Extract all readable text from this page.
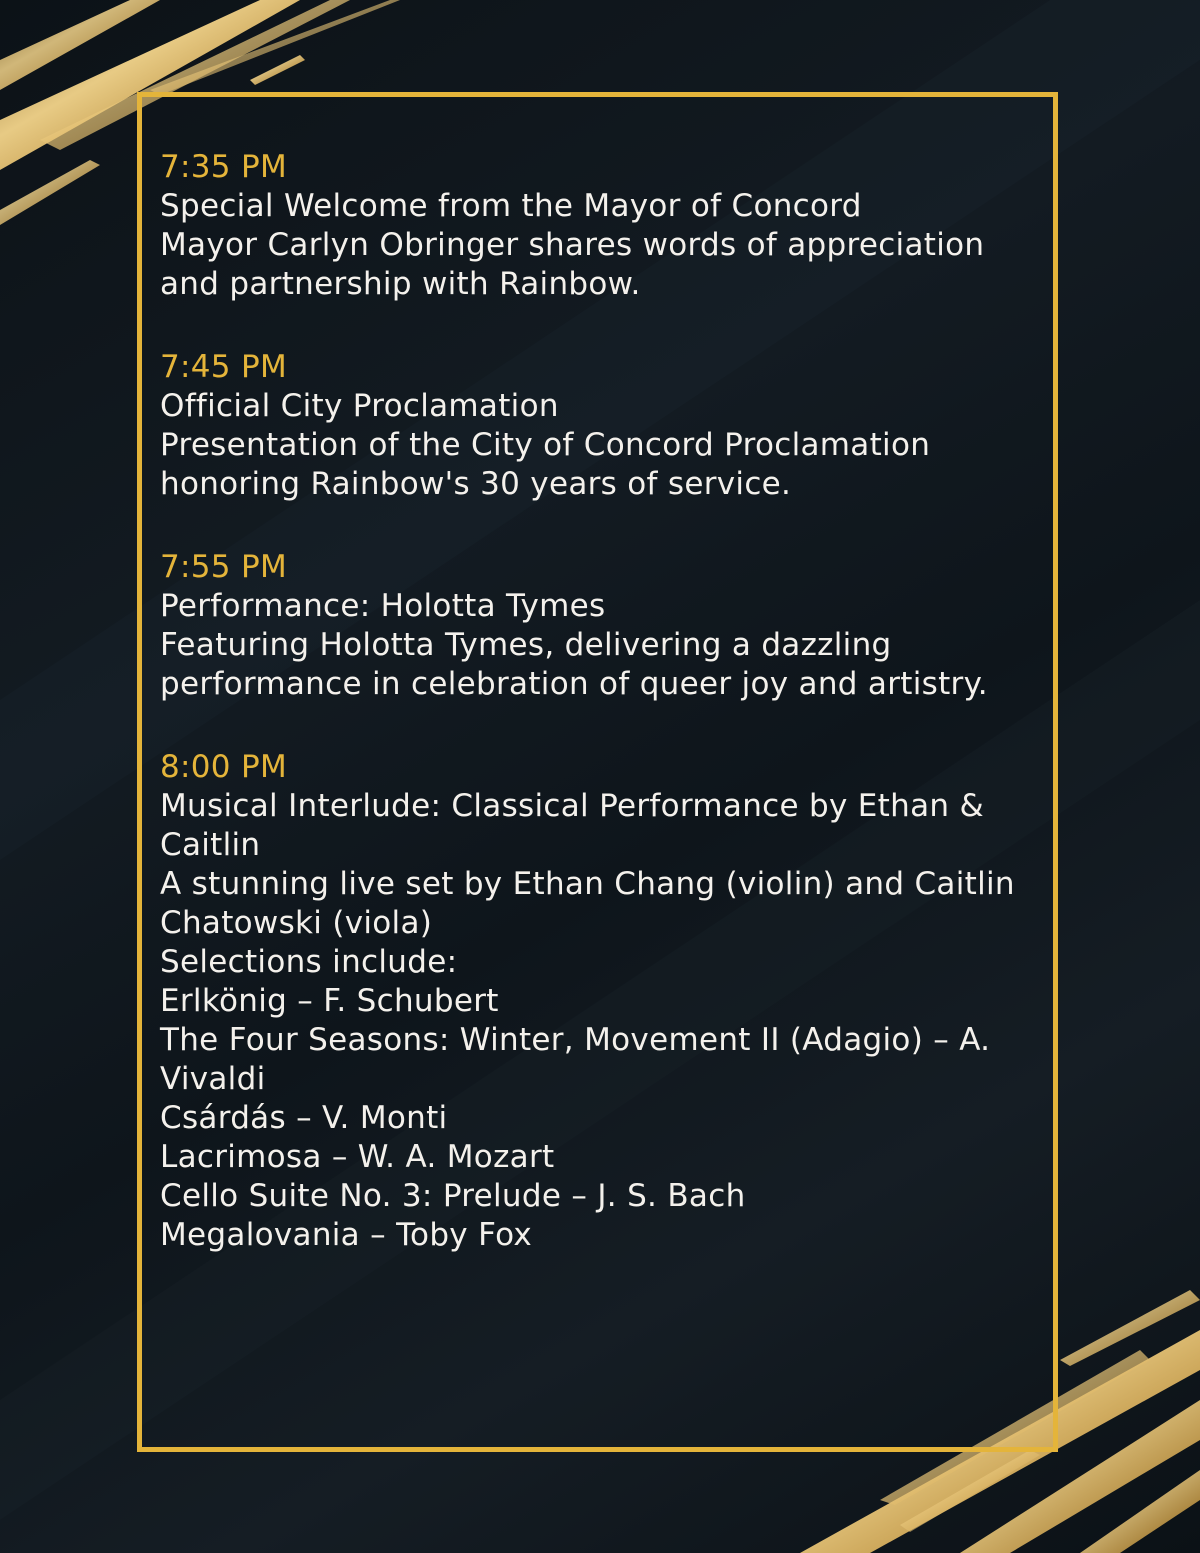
7:35 PM
Special Welcome from the Mayor of Concord
Mayor Carlyn Obringer shares words of appreciation and partnership with Rainbow.
7:45 PM
Official City Proclamation
Presentation of the City of Concord Proclamation honoring Rainbow's 30 years of service.
7:55 PM
Performance: Holotta Tymes
Featuring Holotta Tymes, delivering a dazzling performance in celebration of queer joy and artistry.
8:00 PM
Musical Interlude: Classical Performance by Ethan & Caitlin
A stunning live set by Ethan Chang (violin) and Caitlin Chatowski (viola)
Selections include:
Erlkönig – F. Schubert
The Four Seasons: Winter, Movement II (Adagio) – A. Vivaldi
Csárdás – V. Monti
Lacrimosa – W. A. Mozart
Cello Suite No. 3: Prelude – J. S. Bach
Megalovania – Toby Fox
